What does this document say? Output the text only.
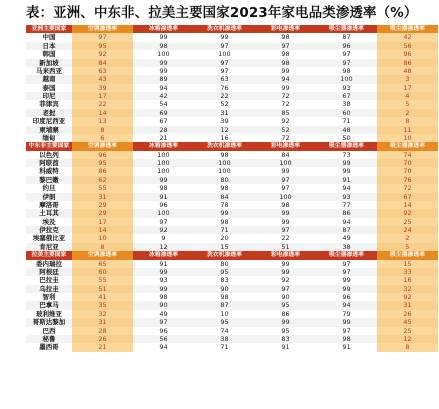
表：亚洲、中东非、拉美主要国家2023年家电品类渗透率（%）
亚洲主要国家	空调渗透率	冰箱渗透率	洗衣机渗透率	彩电渗透率	吸尘器渗透率	吸尘器渗透率
中国	97	99	99	98	87	42
日本	95	98	97	97	96	56
韩国	92	100	100	98	97	96
新加坡	84	99	97	98	97	86
马来西亚	63	99	97	99	98	48
越南	43	89	63	94	100	3
泰国	39	94	76	99	93	17
印尼	17	42	22	72	67	4
菲律宾	22	54	52	72	38	5
老挝	14	69	31	85	60	2
印度尼西亚	13	67	39	92	71	8
柬埔寨	8	28	12	52	48	11
缅甸	6	21	16	72	50	10
中东非主要国家	空调渗透率	冰箱渗透率	洗衣机渗透率	彩电渗透率	吸尘器渗透率	吸尘器渗透率
以色列	96	100	98	84	73	74
阿联酋	95	100	100	100	99	70
科威特	86	100	100	99	99	70
黎巴嫩	62	99	80	97	91	76
约旦	55	98	98	97	94	72
伊朗	31	91	84	100	93	67
摩洛哥	29	96	78	98	77	14
土耳其	29	100	99	99	86	92
埃及	17	97	98	99	94	25
伊拉克	14	92	71	97	87	24
埃塞俄比亚	10	9	20	22	49	2
肯尼亚	8	12	15	51	38	5
拉美主要国家	空调渗透率	冰箱渗透率	洗衣机渗透率	彩电渗透率	吸尘器渗透率	吸尘器渗透率
委内瑞拉	65	91	80	99	97	15
阿根廷	60	99	95	99	97	33
巴拉圭	55	93	83	92	99	16
乌拉圭	51	99	90	97	99	32
智利	41	98	98	90	96	92
巴拿马	35	90	87	95	94	31
玻利维亚	32	49	10	86	79	26
哥斯达黎加	31	97	95	99	99	45
巴西	28	96	74	95	97	25
秘鲁	26	56	38	83	98	12
墨西哥	21	94	71	91	91	8
